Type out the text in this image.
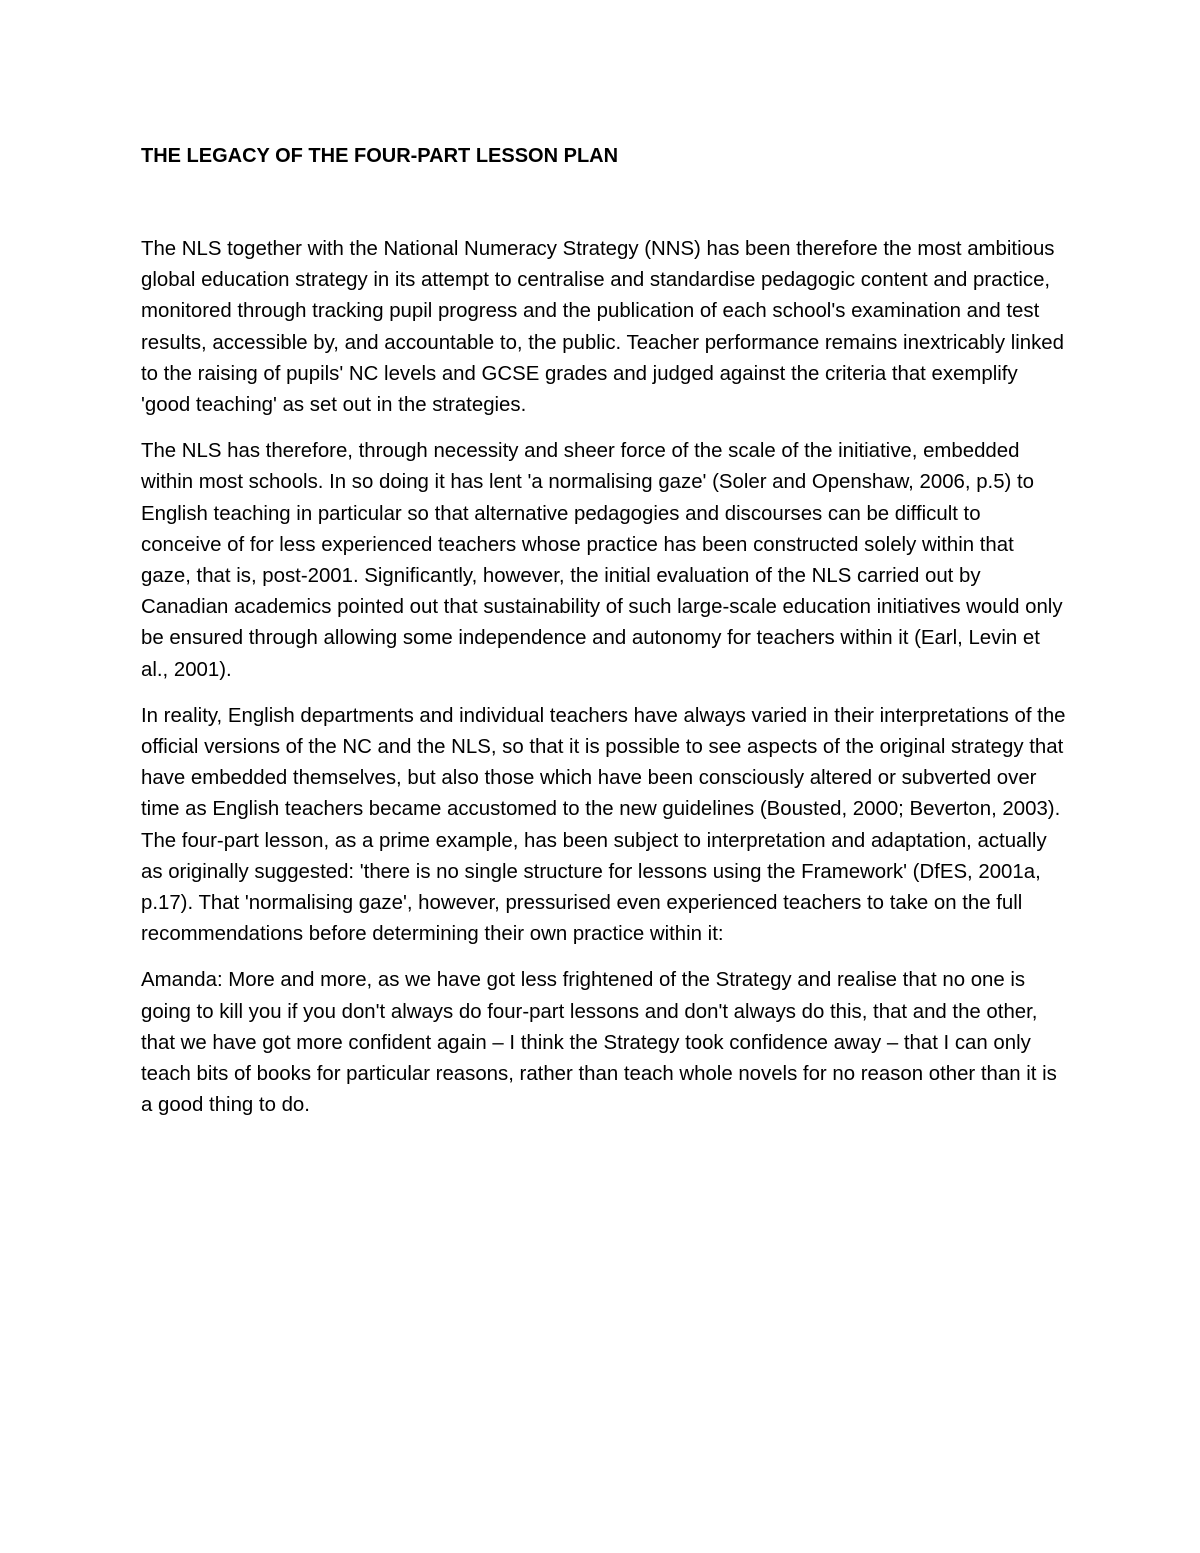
THE LEGACY OF THE FOUR-PART LESSON PLAN

The NLS together with the National Numeracy Strategy (NNS) has been therefore the most ambitious global education strategy in its attempt to centralise and standardise pedagogic content and practice, monitored through tracking pupil progress and the publication of each school's examination and test results, accessible by, and accountable to, the public. Teacher performance remains inextricably linked to the raising of pupils' NC levels and GCSE grades and judged against the criteria that exemplify 'good teaching' as set out in the strategies.

The NLS has therefore, through necessity and sheer force of the scale of the initiative, embedded within most schools. In so doing it has lent 'a normalising gaze' (Soler and Openshaw, 2006, p.5) to English teaching in particular so that alternative pedagogies and discourses can be difficult to conceive of for less experienced teachers whose practice has been constructed solely within that gaze, that is, post-2001. Significantly, however, the initial evaluation of the NLS carried out by Canadian academics pointed out that sustainability of such large-scale education initiatives would only be ensured through allowing some independence and autonomy for teachers within it (Earl, Levin et al., 2001).

In reality, English departments and individual teachers have always varied in their interpretations of the official versions of the NC and the NLS, so that it is possible to see aspects of the original strategy that have embedded themselves, but also those which have been consciously altered or subverted over time as English teachers became accustomed to the new guidelines (Bousted, 2000; Beverton, 2003). The four-part lesson, as a prime example, has been subject to interpretation and adaptation, actually as originally suggested: 'there is no single structure for lessons using the Framework' (DfES, 2001a, p.17). That 'normalising gaze', however, pressurised even experienced teachers to take on the full recommendations before determining their own practice within it:

Amanda: More and more, as we have got less frightened of the Strategy and realise that no one is going to kill you if you don't always do four-part lessons and don't always do this, that and the other, that we have got more confident again – I think the Strategy took confidence away – that I can only teach bits of books for particular reasons, rather than teach whole novels for no reason other than it is a good thing to do.
